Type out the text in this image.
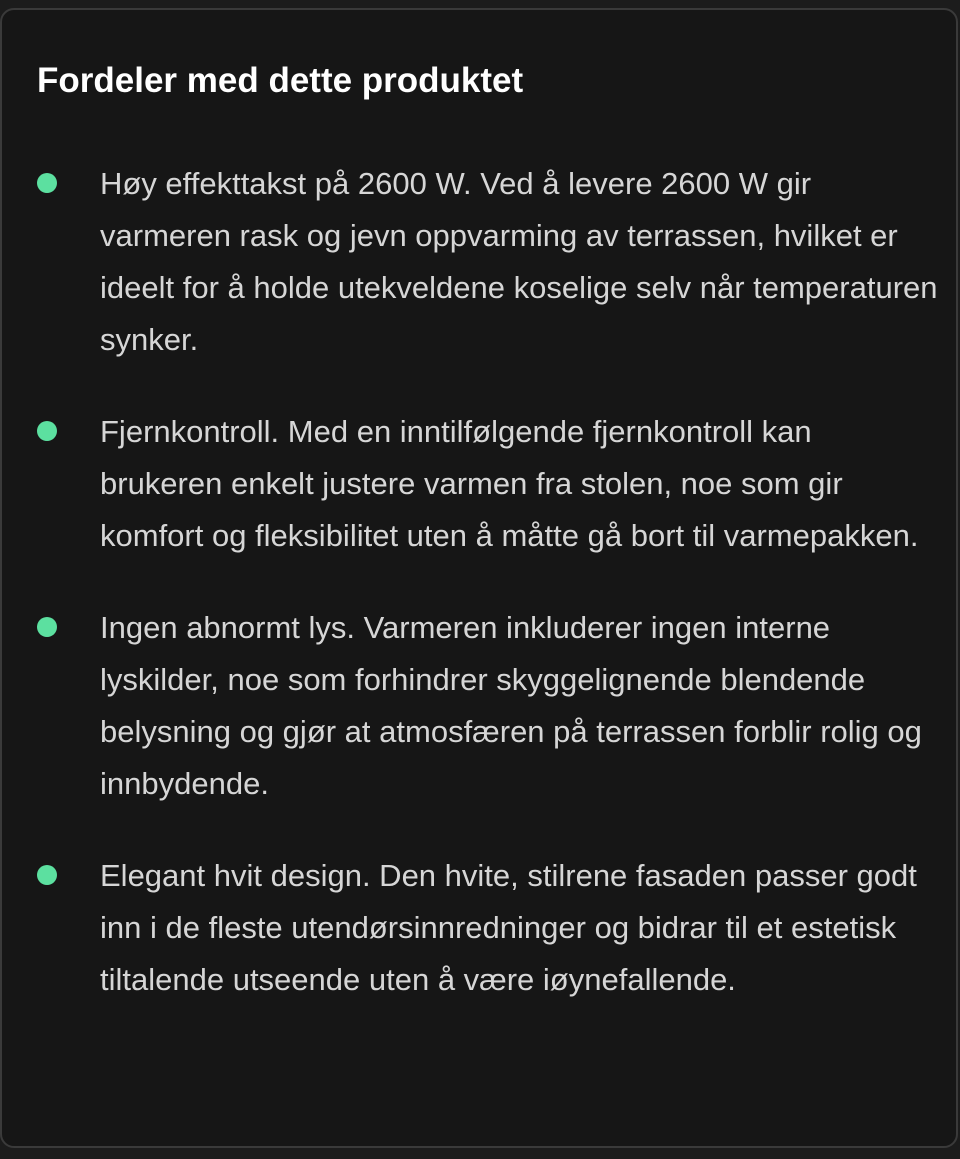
Fordeler med dette produktet
Høy effekttakst på 2600 W. Ved å levere 2600 W gir varmeren rask og jevn oppvarming av terrassen, hvilket er ideelt for å holde utekveldene koselige selv når temperaturen synker.
Fjernkontroll. Med en inntilfølgende fjernkontroll kan brukeren enkelt justere varmen fra stolen, noe som gir komfort og fleksibilitet uten å måtte gå bort til varmepakken.
Ingen abnormt lys. Varmeren inkluderer ingen interne lyskilder, noe som forhindrer skyggelignende blendende belysning og gjør at atmosfæren på terrassen forblir rolig og innbydende.
Elegant hvit design. Den hvite, stilrene fasaden passer godt inn i de fleste utendørsinnredninger og bidrar til et estetisk tiltalende utseende uten å være iøynefallende.
